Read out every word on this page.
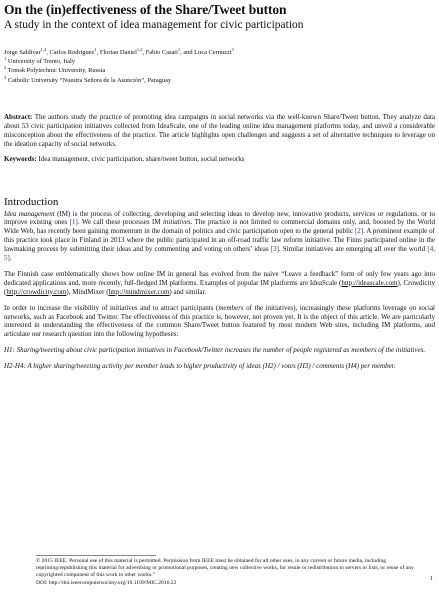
On the (in)effectiveness of the Share/Tweet button
A study in the context of idea management for civic participation
Jorge Saldivar$^{1,2}$, Carlos Rodriguez$^1$, Florian Daniel$^{1,2}$, Fabio Casati$^1$, and Luca Cernuzzi$^3$
$^1$ University of Trento, Italy
$^2$ Tomsk Polytechnic University, Russia
$^3$ Catholic University “Nuestra Señora de la Asunción”, Paraguay
Abstract: The authors study the practice of promoting idea campaigns in social networks via the well-known Share/Tweet button. They analyze data about 53 civic participation initiatives collected from IdeaScale, one of the leading online idea management platforms today, and unveil a considerable misconception about the effectiveness of the practice. The article highlights open challenges and suggests a set of alternative techniques to leverage on the ideation capacity of social networks.
Keywords: Idea management, civic participation, share/tweet button, social networks
Introduction

Idea management (IM) is the process of collecting, developing and selecting ideas to develop new, innovative products, services or regulations, or to improve existing ones [1]. We call these processes IM initiatives. The practice is not limited to commercial domains only, and, boosted by the World Wide Web, has recently been gaining momentum in the domain of politics and civic participation open to the general public [2]. A prominent example of this practice took place in Finland in 2013 where the public participated in an off-road traffic law reform initiative. The Finns participated online in the lawmaking process by submitting their ideas and by commenting and voting on others’ ideas [3]. Similar initiatives are emerging all over the world [4, 5].

The Finnish case emblematically shows how online IM in general has evolved from the naive “Leave a feedback” form of only few years ago into dedicated applications and, more recently, full-fledged IM platforms. Examples of popular IM platforms are IdeaScale (http://ideascale.com), Crowdicity (http://crowdicity.com), MindMixer (http://mindmixer.com) and similar.

In order to increase the visibility of initiatives and to attract participants (members of the initiatives), increasingly these platforms leverage on social networks, such as Facebook and Twitter. The effectiveness of this practice is, however, not proven yet. It is the object of this article. We are particularly interested in understanding the effectiveness of the common Share/Tweet button featured by most modern Web sites, including IM platforms, and articulate our research question into the following hypotheses:

H1: Sharing/tweeting about civic participation initiatives in Facebook/Twitter increases the number of people registered as members of the initiatives.

H2-H4: A higher sharing/tweeting activity per member leads to higher productivity of ideas (H2) / votes (H3) / comments (H4) per member.

© 2015 IEEE. Personal use of this material is permitted. Permission from IEEE must be obtained for all other uses, in any current or future media, including reprinting/republishing this material for advertising or promotional purposes, creating new collective works, for resale or redistribution to servers or lists, or reuse of any copyrighted component of this work in other works.”
DOI: http://doi.ieeecomputersociety.org/10.1109/MIC.2016.22
1
